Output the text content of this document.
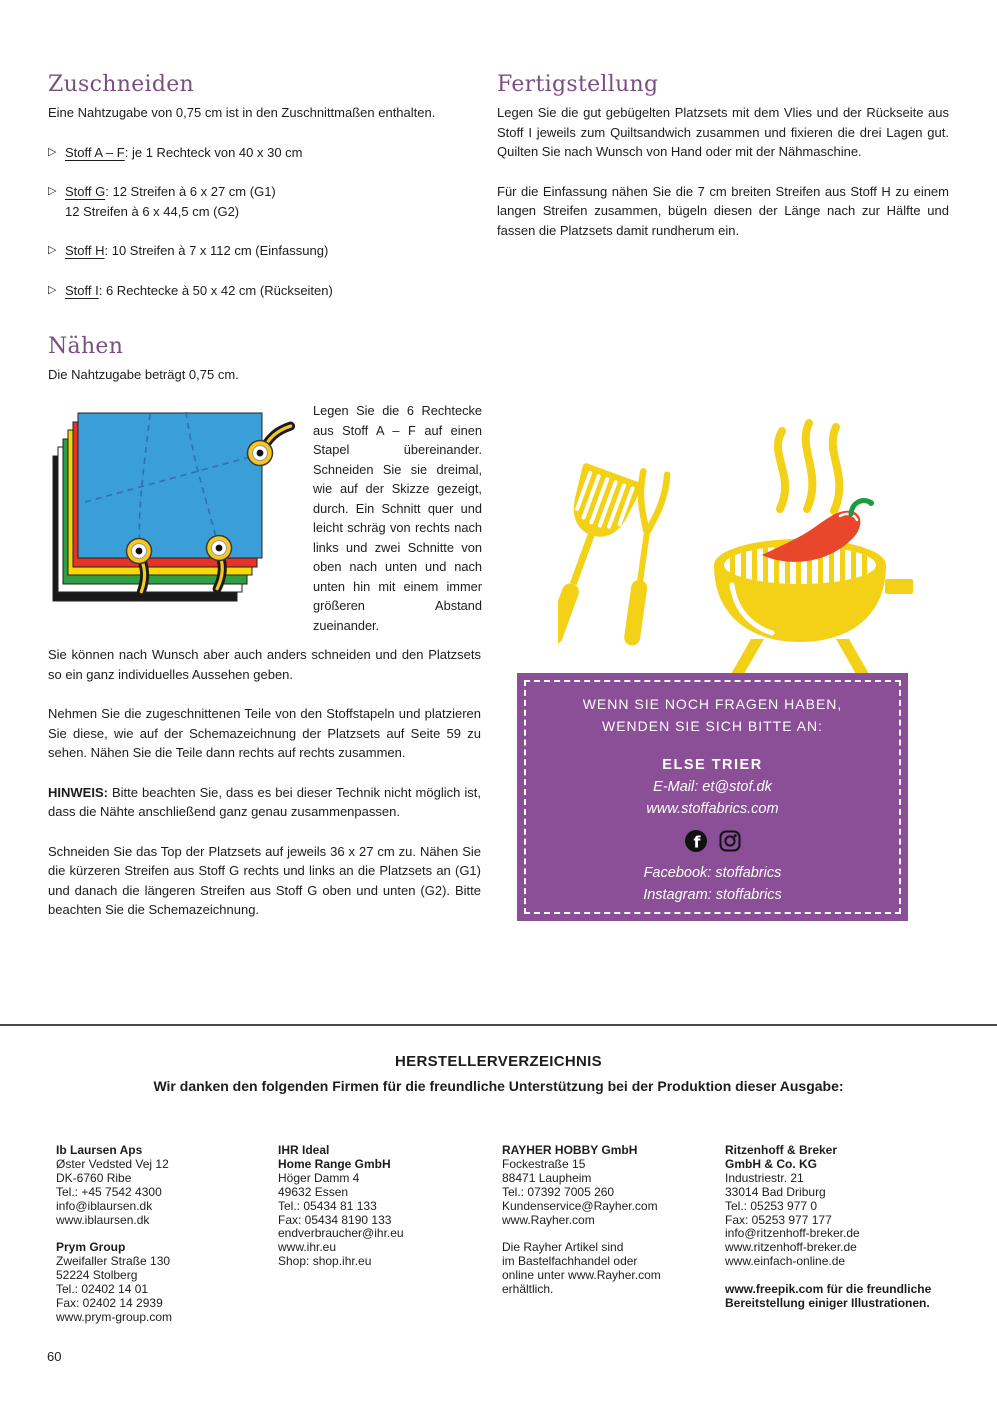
Zuschneiden

Eine Nahtzugabe von 0,75 cm ist in den Zuschnittmaßen enthalten.

▷ Stoff A – F: je 1 Rechteck von 40 x 30 cm
▷ Stoff G: 12 Streifen à 6 x 27 cm (G1)
12 Streifen à 6 x 44,5 cm (G2)
▷ Stoff H: 10 Streifen à 7 x 112 cm (Einfassung)
▷ Stoff I: 6 Rechtecke à 50 x 42 cm (Rückseiten)
Fertigstellung

Legen Sie die gut gebügelten Platzsets mit dem Vlies und der Rückseite aus Stoff I jeweils zum Quiltsandwich zusammen und fixieren die drei Lagen gut. Quilten Sie nach Wunsch von Hand oder mit der Nähmaschine.

Für die Einfassung nähen Sie die 7 cm breiten Streifen aus Stoff H zu einem langen Streifen zusammen, bügeln diesen der Länge nach zur Hälfte und fassen die Platzsets damit rundherum ein.

Nähen

Die Nahtzugabe beträgt 0,75 cm.

Legen Sie die 6 Rechtecke aus Stoff A – F auf einen Stapel übereinander. Schneiden Sie sie dreimal, wie auf der Skizze gezeigt, durch. Ein Schnitt quer und leicht schräg von rechts nach links und zwei Schnitte von oben nach unten und nach unten hin mit einem immer größeren Abstand zueinander.

Sie können nach Wunsch aber auch anders schneiden und den Platzsets so ein ganz individuelles Aussehen geben.

Nehmen Sie die zugeschnittenen Teile von den Stoffstapeln und platzieren Sie diese, wie auf der Schemazeichnung der Platzsets auf Seite 59 zu sehen. Nähen Sie die Teile dann rechts auf rechts zusammen.

HINWEIS: Bitte beachten Sie, dass es bei dieser Technik nicht möglich ist, dass die Nähte anschließend ganz genau zusammenpassen.

Schneiden Sie das Top der Platzsets auf jeweils 36 x 27 cm zu. Nähen Sie die kürzeren Streifen aus Stoff G rechts und links an die Platzsets an (G1) und danach die längeren Streifen aus Stoff G oben und unten (G2). Bitte beachten Sie die Schemazeichnung.

WENN SIE NOCH FRAGEN HABEN,
WENDEN SIE SICH BITTE AN:
ELSE TRIER
E-Mail: et@stof.dk
www.stoffabrics.com
f
Facebook: stoffabrics
Instagram: stoffabrics
HERSTELLERVERZEICHNIS
Wir danken den folgenden Firmen für die freundliche Unterstützung bei der Produktion dieser Ausgabe:
Ib Laursen Aps
Øster Vedsted Vej 12
DK-6760 Ribe
Tel.: +45 7542 4300
info@iblaursen.dk
www.iblaursen.dk
Prym Group
Zweifaller Straße 130
52224 Stolberg
Tel.: 02402 14 01
Fax: 02402 14 2939
www.prym-group.com
IHR Ideal
Home Range GmbH
Höger Damm 4
49632 Essen
Tel.: 05434 81 133
Fax: 05434 8190 133
endverbraucher@ihr.eu
www.ihr.eu
Shop: shop.ihr.eu
RAYHER HOBBY GmbH
Fockestraße 15
88471 Laupheim
Tel.: 07392 7005 260
Kundenservice@Rayher.com
www.Rayher.com
Die Rayher Artikel sind
im Bastelfachhandel oder
online unter www.Rayher.com
erhältlich.
Ritzenhoff & Breker
GmbH & Co. KG
Industriestr. 21
33014 Bad Driburg
Tel.: 05253 977 0
Fax: 05253 977 177
info@ritzenhoff-breker.de
www.ritzenhoff-breker.de
www.einfach-online.de
www.freepik.com für die freundliche
Bereitstellung einiger Illustrationen.
60
